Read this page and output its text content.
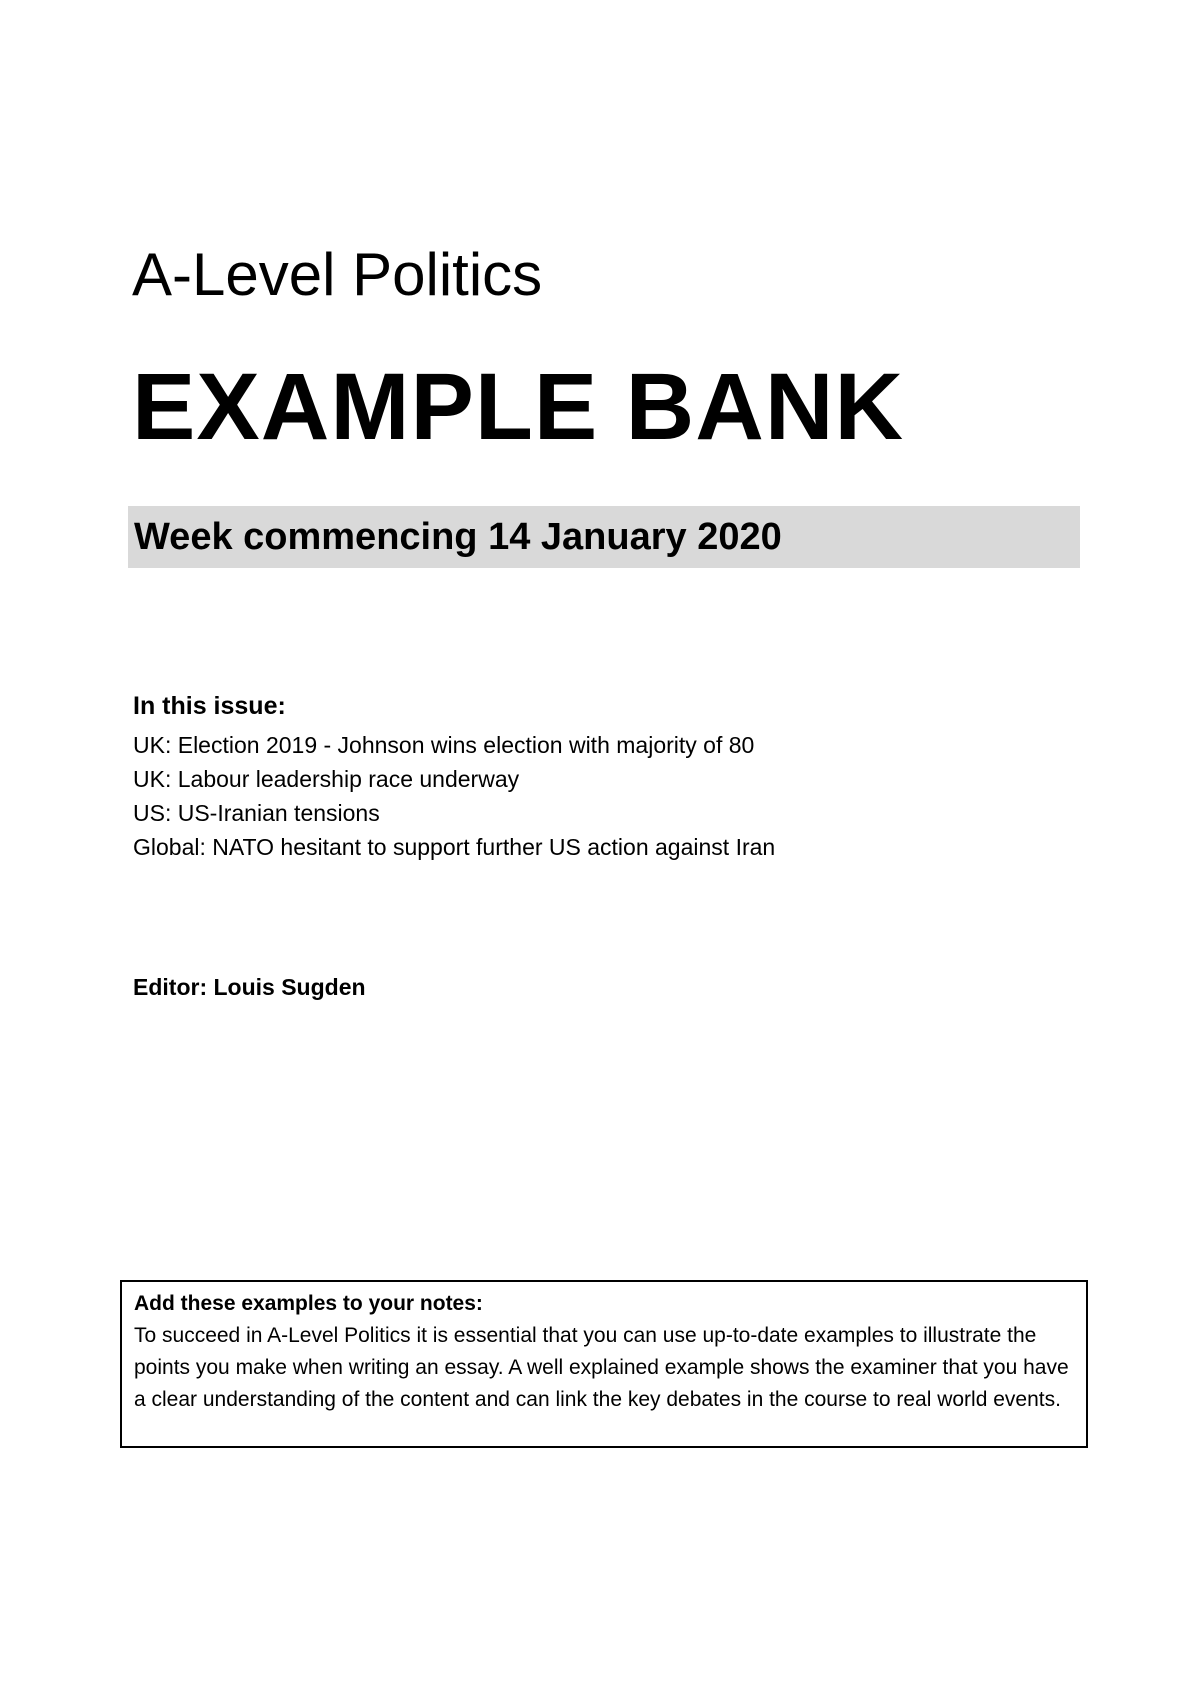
A-Level Politics
EXAMPLE BANK
Week commencing 14 January 2020

In this issue:

UK: Election 2019 - Johnson wins election with majority of 80
UK: Labour leadership race underway
US: US-Iranian tensions
Global: NATO hesitant to support further US action against Iran
Editor: Louis Sugden

Add these examples to your notes:

To succeed in A-Level Politics it is essential that you can use up-to-date examples to illustrate the points you make when writing an essay. A well explained example shows the examiner that you have a clear understanding of the content and can link the key debates in the course to real world events.
